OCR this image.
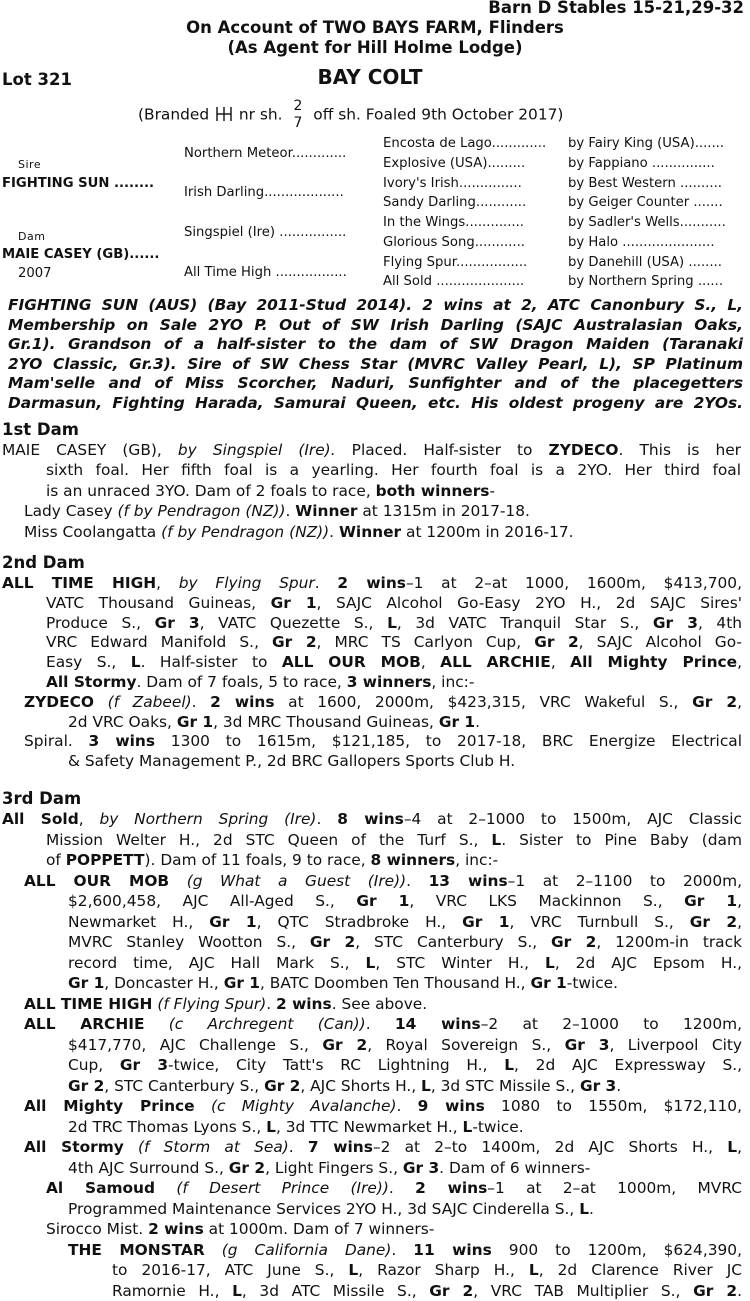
Barn D Stables 15-21,29-32
On Account of TWO BAYS FARM, Flinders
(As Agent for Hill Holme Lodge)
Lot 321	BAY COLT
(Branded nr sh. 2
7 off sh. Foaled 9th October 2017)
Sire
FIGHTING SUN ........
Dam
MAIE CASEY (GB)......
2007
Northern Meteor.............
Irish Darling...................
Singspiel (Ire) ................
All Time High .................
Encosta de Lago.............
Explosive (USA).........
Ivory's Irish...............
Sandy Darling............
In the Wings..............
Glorious Song............
Flying Spur.................
All Sold .....................
by Fairy King (USA).......
by Fappiano ...............
by Best Western ..........
by Geiger Counter .......
by Sadler's Wells...........
by Halo ......................
by Danehill (USA) ........
by Northern Spring ......
FIGHTING SUN (AUS) (Bay 2011-Stud 2014). 2 wins at 2, ATC Canonbury S., L,
Membership on Sale 2YO P. Out of SW Irish Darling (SAJC Australasian Oaks,
Gr.1). Grandson of a half-sister to the dam of SW Dragon Maiden (Taranaki
2YO Classic, Gr.3). Sire of SW Chess Star (MVRC Valley Pearl, L), SP Platinum
Mam'selle and of Miss Scorcher, Naduri, Sunfighter and of the placegetters
Darmasun, Fighting Harada, Samurai Queen, etc. His oldest progeny are 2YOs.
1st Dam
MAIE CASEY (GB), by Singspiel (Ire). Placed. Half-sister to ZYDECO. This is her
sixth foal. Her fifth foal is a yearling. Her fourth foal is a 2YO. Her third foal
is an unraced 3YO. Dam of 2 foals to race, both winners-
Lady Casey (f by Pendragon (NZ)). Winner at 1315m in 2017-18.
Miss Coolangatta (f by Pendragon (NZ)). Winner at 1200m in 2016-17.
2nd Dam
ALL TIME HIGH, by Flying Spur. 2 wins–1 at 2–at 1000, 1600m, $413,700,
VATC Thousand Guineas, Gr 1, SAJC Alcohol Go-Easy 2YO H., 2d SAJC Sires'
Produce S., Gr 3, VATC Quezette S., L, 3d VATC Tranquil Star S., Gr 3, 4th
VRC Edward Manifold S., Gr 2, MRC TS Carlyon Cup, Gr 2, SAJC Alcohol Go-
Easy S., L. Half-sister to ALL OUR MOB, ALL ARCHIE, All Mighty Prince,
All Stormy. Dam of 7 foals, 5 to race, 3 winners, inc:-
ZYDECO (f Zabeel). 2 wins at 1600, 2000m, $423,315, VRC Wakeful S., Gr 2,
2d VRC Oaks, Gr 1, 3d MRC Thousand Guineas, Gr 1.
Spiral. 3 wins 1300 to 1615m, $121,185, to 2017-18, BRC Energize Electrical
& Safety Management P., 2d BRC Gallopers Sports Club H.
3rd Dam
All Sold, by Northern Spring (Ire). 8 wins–4 at 2–1000 to 1500m, AJC Classic
Mission Welter H., 2d STC Queen of the Turf S., L. Sister to Pine Baby (dam
of POPPETT). Dam of 11 foals, 9 to race, 8 winners, inc:-
ALL OUR MOB (g What a Guest (Ire)). 13 wins–1 at 2–1100 to 2000m,
$2,600,458, AJC All-Aged S., Gr 1, VRC LKS Mackinnon S., Gr 1,
Newmarket H., Gr 1, QTC Stradbroke H., Gr 1, VRC Turnbull S., Gr 2,
MVRC Stanley Wootton S., Gr 2, STC Canterbury S., Gr 2, 1200m-in track
record time, AJC Hall Mark S., L, STC Winter H., L, 2d AJC Epsom H.,
Gr 1, Doncaster H., Gr 1, BATC Doomben Ten Thousand H., Gr 1-twice.
ALL TIME HIGH (f Flying Spur). 2 wins. See above.
ALL ARCHIE (c Archregent (Can)). 14 wins–2 at 2–1000 to 1200m,
$417,770, AJC Challenge S., Gr 2, Royal Sovereign S., Gr 3, Liverpool City
Cup, Gr 3-twice, City Tatt's RC Lightning H., L, 2d AJC Expressway S.,
Gr 2, STC Canterbury S., Gr 2, AJC Shorts H., L, 3d STC Missile S., Gr 3.
All Mighty Prince (c Mighty Avalanche). 9 wins 1080 to 1550m, $172,110,
2d TRC Thomas Lyons S., L, 3d TTC Newmarket H., L-twice.
All Stormy (f Storm at Sea). 7 wins–2 at 2–to 1400m, 2d AJC Shorts H., L,
4th AJC Surround S., Gr 2, Light Fingers S., Gr 3. Dam of 6 winners-
Al Samoud (f Desert Prince (Ire)). 2 wins–1 at 2–at 1000m, MVRC
Programmed Maintenance Services 2YO H., 3d SAJC Cinderella S., L.
Sirocco Mist. 2 wins at 1000m. Dam of 7 winners-
THE MONSTAR (g California Dane). 11 wins 900 to 1200m, $624,390,
to 2016-17, ATC June S., L, Razor Sharp H., L, 2d Clarence River JC
Ramornie H., L, 3d ATC Missile S., Gr 2, VRC TAB Multiplier S., Gr 2.
